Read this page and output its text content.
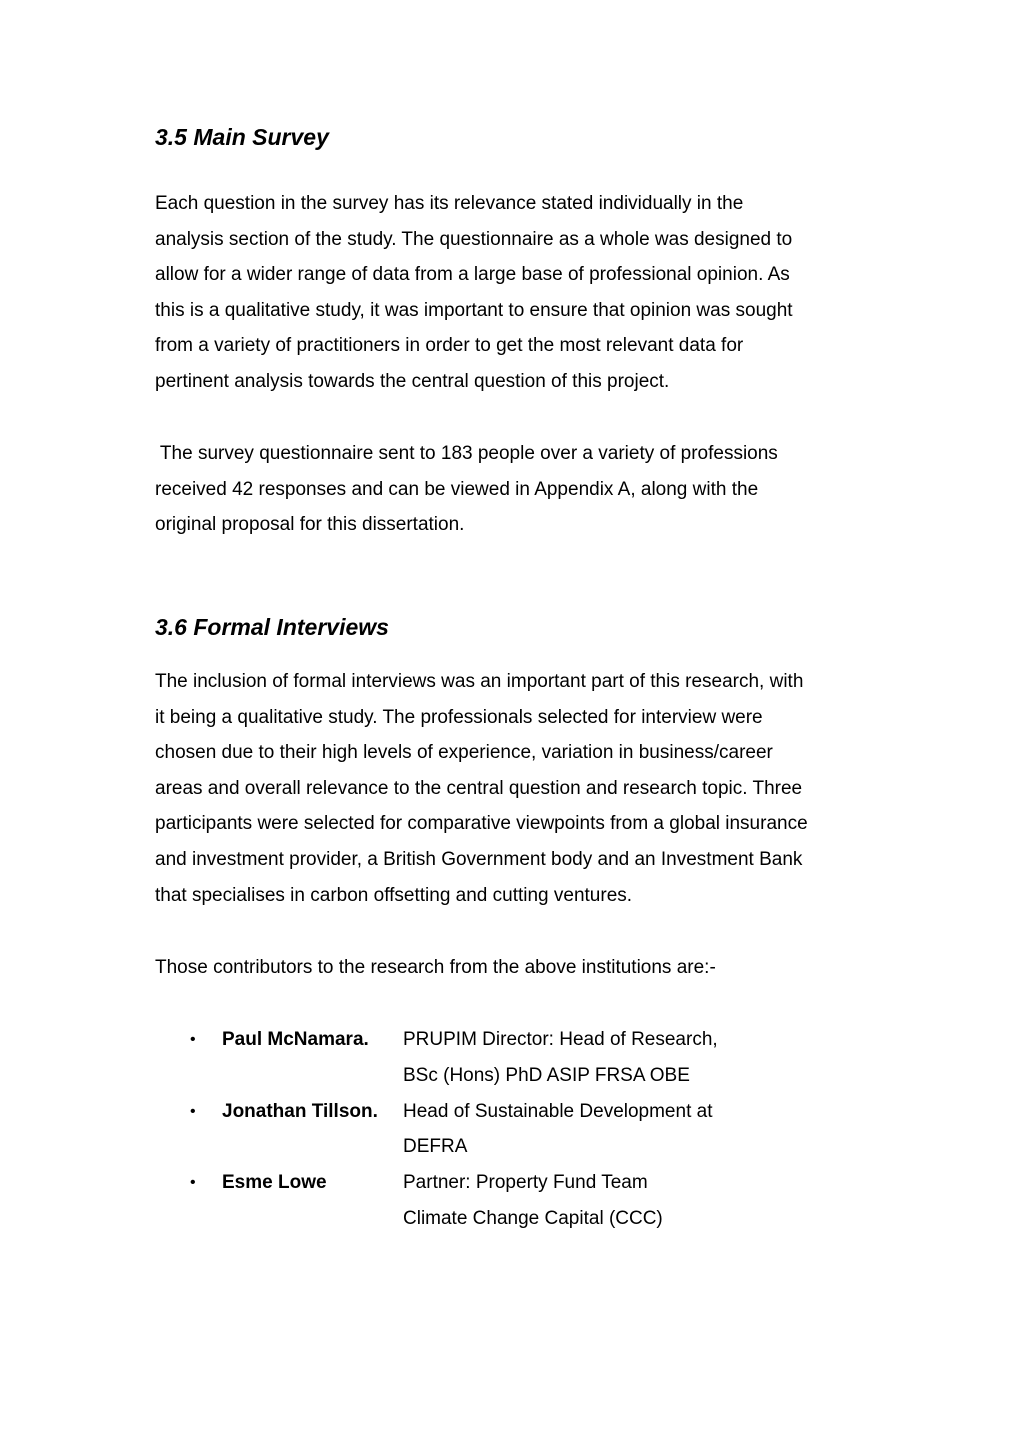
3.5 Main Survey

Each question in the survey has its relevance stated individually in the
analysis section of the study. The questionnaire as a whole was designed to
allow for a wider range of data from a large base of professional opinion. As
this is a qualitative study, it was important to ensure that opinion was sought
from a variety of practitioners in order to get the most relevant data for
pertinent analysis towards the central question of this project.

The survey questionnaire sent to 183 people over a variety of professions
received 42 responses and can be viewed in Appendix A, along with the
original proposal for this dissertation.

3.6 Formal Interviews

The inclusion of formal interviews was an important part of this research, with
it being a qualitative study. The professionals selected for interview were
chosen due to their high levels of experience, variation in business/career
areas and overall relevance to the central question and research topic. Three
participants were selected for comparative viewpoints from a global insurance
and investment provider, a British Government body and an Investment Bank
that specialises in carbon offsetting and cutting ventures.

Those contributors to the research from the above institutions are:-

• Paul McNamara. PRUPIM Director: Head of Research,
BSc (Hons) PhD ASIP FRSA OBE
• Jonathan Tillson. Head of Sustainable Development at
DEFRA
• Esme Lowe	Partner: Property Fund Team
Climate Change Capital (CCC)
